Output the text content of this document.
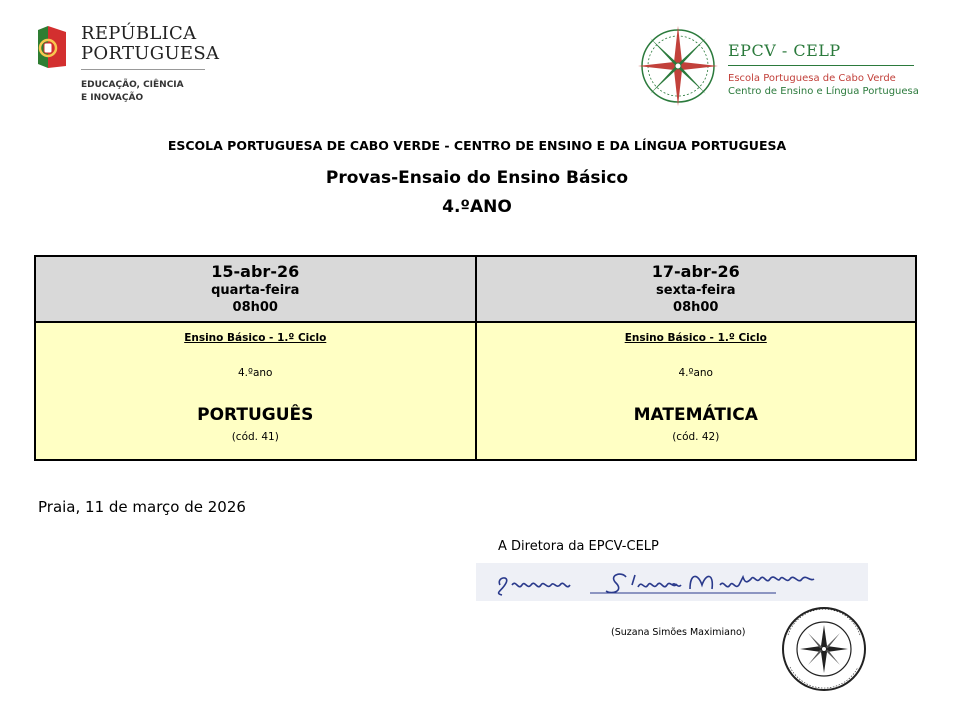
REPÚBLICA
PORTUGUESA
EDUCAÇÃO, CIÊNCIA
E INOVAÇÃO
EPCV - CELP
Escola Portuguesa de Cabo Verde
Centro de Ensino e Língua Portuguesa
ESCOLA PORTUGUESA DE CABO VERDE - CENTRO DE ENSINO E DA LÍNGUA PORTUGUESA
Provas-Ensaio do Ensino Básico
4.ºANO
15-abr-26
quarta-feira
08h00
Ensino Básico - 1.º Ciclo
4.ºano
PORTUGUÊS
(cód. 41)
17-abr-26
sexta-feira
08h00
Ensino Básico - 1.º Ciclo
4.ºano
MATEMÁTICA
(cód. 42)
Praia, 11 de março de 2026
A Diretora da EPCV-CELP
(Suzana Simões Maximiano)
